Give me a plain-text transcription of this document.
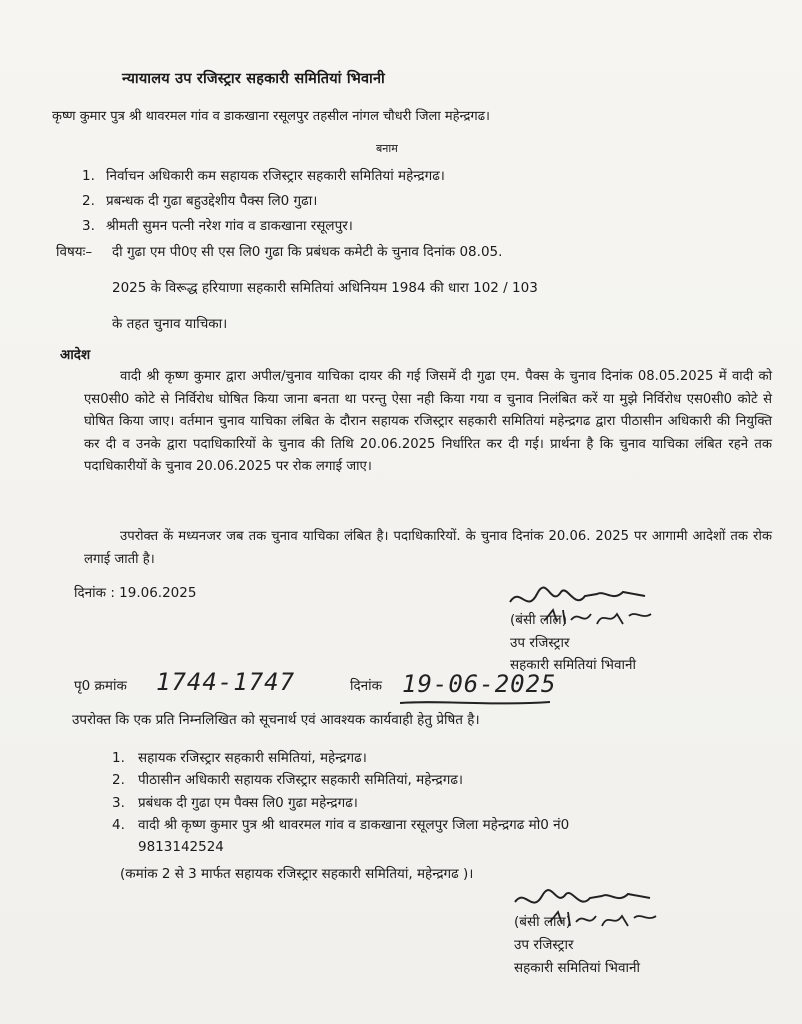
न्यायालय उप रजिस्ट्रार सहकारी समितियां भिवानी
कृष्ण कुमार पुत्र श्री थावरमल गांव व डाकखाना रसूलपुर तहसील नांगल चौधरी जिला महेन्द्रगढ।
बनाम
1. निर्वाचन अधिकारी कम सहायक रजिस्ट्रार सहकारी समितियां महेन्द्रगढ।
2. प्रबन्धक दी गुढा बहुउद्देशीय पैक्स लि0 गुढा।
3. श्रीमती सुमन पत्नी नरेश गांव व डाकखाना रसूलपुर।
विषयः– दी गुढा एम पी0ए सी एस लि0 गुढा कि प्रबंधक कमेटी के चुनाव दिनांक 08.05.
2025 के विरूद्ध हरियाणा सहकारी समितियां अधिनियम 1984 की धारा 102 / 103
के तहत चुनाव याचिका।
आदेश
वादी श्री कृष्ण कुमार द्वारा अपील/चुनाव याचिका दायर की गई जिसमें दी गुढा एम. पैक्स के चुनाव दिनांक 08.05.2025 में वादी को एस0सी0 कोटे से निर्विरोध घोषित किया जाना बनता था परन्तु ऐसा नही किया गया व चुनाव निलंबित करें या मुझे निर्विरोध एस0सी0 कोटे से घोषित किया जाए। वर्तमान चुनाव याचिका लंबित के दौरान सहायक रजिस्ट्रार सहकारी समितियां महेन्द्रगढ द्वारा पीठासीन अधिकारी की नियुक्ति कर दी व उनके द्वारा पदाधिकारियों के चुनाव की तिथि 20.06.2025 निर्धारित कर दी गई। प्रार्थना है कि चुनाव याचिका लंबित रहने तक पदाधिकारीयों के चुनाव 20.06.2025 पर रोक लगाई जाए।
उपरोक्त कें मध्यनजर जब तक चुनाव याचिका लंबित है। पदाधिकारियों. के चुनाव दिनांक 20.06. 2025 पर आगामी आदेशों तक रोक लगाई जाती है।
दिनांक : 19.06.2025
(बंसी लाल)
उप रजिस्ट्रार
सहकारी समितियां भिवानी
पृ0 क्रमांक 1744-1747	दिनांक 19-06-2025
उपरोक्त कि एक प्रति निम्नलिखित को सूचनार्थ एवं आवश्यक कार्यवाही हेतु प्रेषित है।
1. सहायक रजिस्ट्रार सहकारी समितियां, महेन्द्रगढ।
2. पीठासीन अधिकारी सहायक रजिस्ट्रार सहकारी समितियां, महेन्द्रगढ।
3. प्रबंधक दी गुढा एम पैक्स लि0 गुढा महेन्द्रगढ।
4. वादी श्री कृष्ण कुमार पुत्र श्री थावरमल गांव व डाकखाना रसूलपुर जिला महेन्द्रगढ मो0 नं0
9813142524
(कमांक 2 से 3 मार्फत सहायक रजिस्ट्रार सहकारी समितियां, महेन्द्रगढ )।
(बंसी लाल)
उप रजिस्ट्रार
सहकारी समितियां भिवानी
